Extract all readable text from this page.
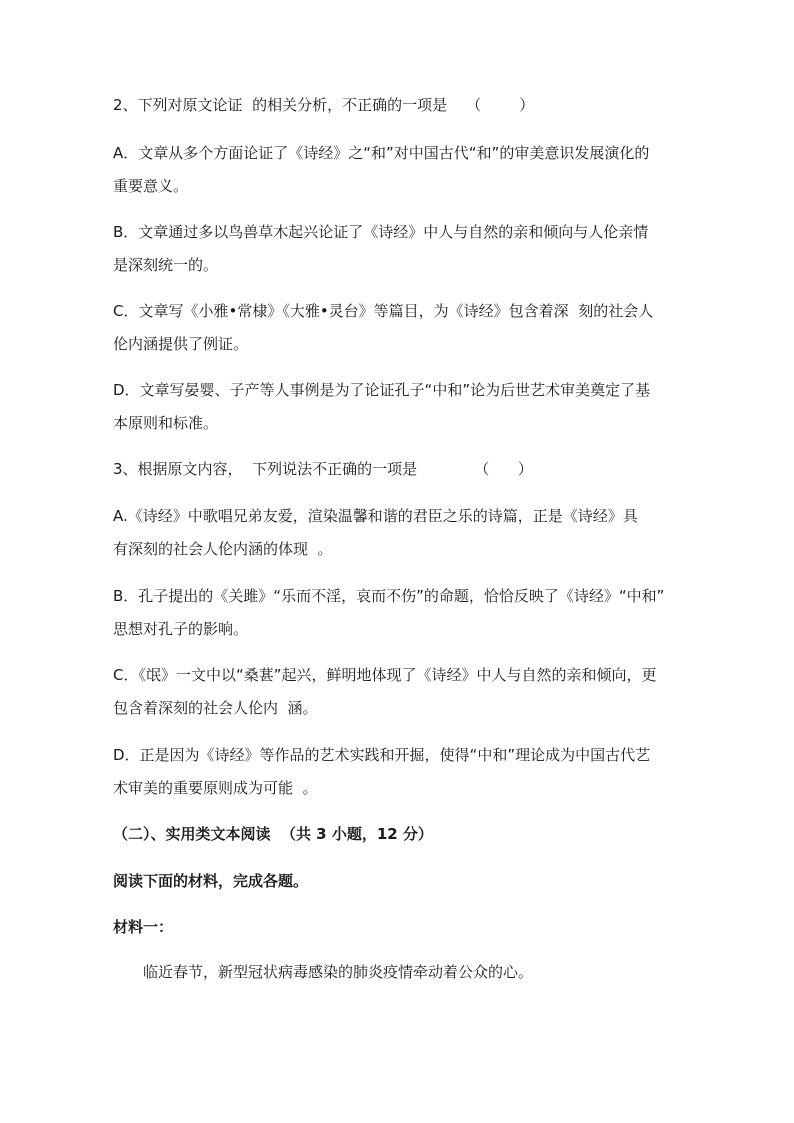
2、下列对原文论证  的相关分析，不正确的一项是    （        ）
A．文章从多个方面论证了《诗经》之“和”对中国古代“和”的审美意识发展演化的
重要意义。
B．文章通过多以鸟兽草木起兴论证了《诗经》中人与自然的亲和倾向与人伦亲情
是深刻统一的。
C．文章写《小雅•常棣》《大雅•灵台》等篇目，为《诗经》包含着深  刻的社会人
伦内涵提供了例证。
D．文章写晏婴、子产等人事例是为了论证孔子“中和”论为后世艺术审美奠定了基
本原则和标准。
3、根据原文内容，  下列说法不正确的一项是            （      ）
A.《诗经》中歌唱兄弟友爱，渲染温馨和谐的君臣之乐的诗篇，正是《诗经》具
有深刻的社会人伦内涵的体现  。
B．孔子提出的《关雎》“乐而不淫，哀而不伤”的命题，恰恰反映了《诗经》“中和”
思想对孔子的影响。
C．《氓》一文中以“桑葚”起兴，鲜明地体现了《诗经》中人与自然的亲和倾向，更
包含着深刻的社会人伦内  涵。
D．正是因为《诗经》等作品的艺术实践和开掘，使得“中和”理论成为中国古代艺
术审美的重要原则成为可能  。
（二）、实用类文本阅读  （共 3 小题，12 分）
阅读下面的材料，完成各题。
材料一：
临近春节，新型冠状病毒感染的肺炎疫情牵动着公众的心。
